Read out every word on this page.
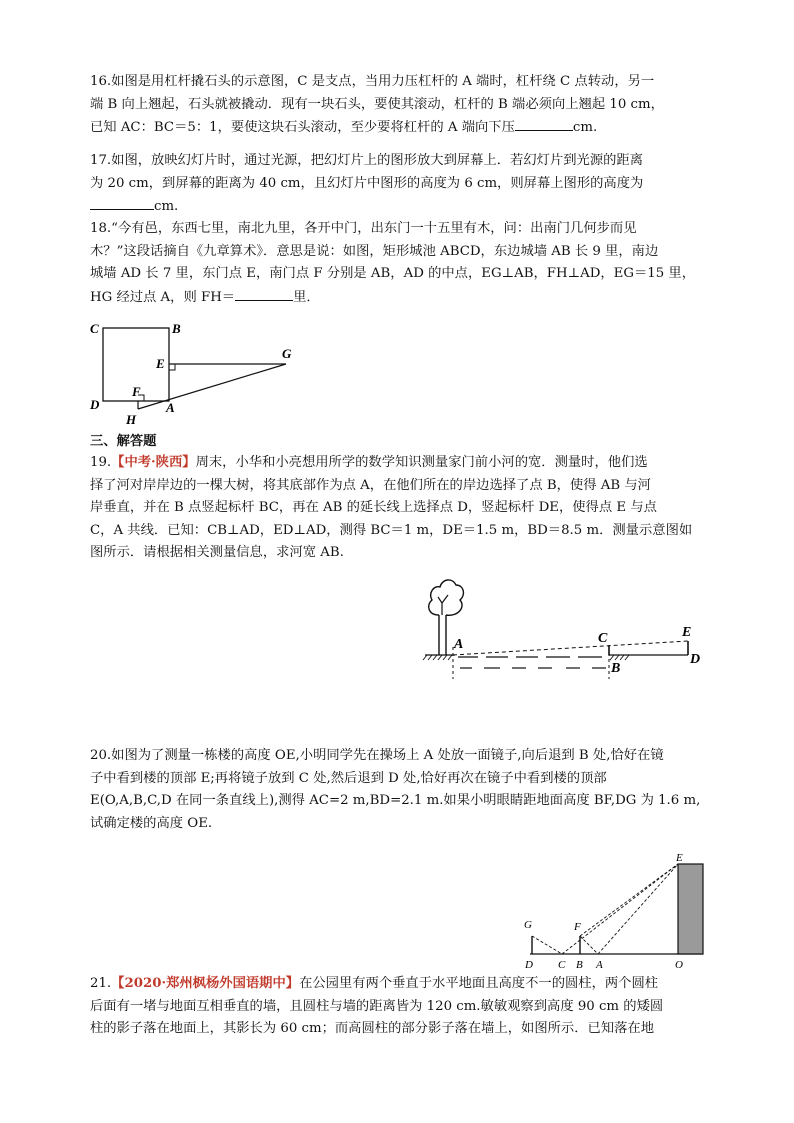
16.如图是用杠杆撬石头的示意图，C 是支点，当用力压杠杆的 A 端时，杠杆绕 C 点转动，另一
端 B 向上翘起，石头就被撬动．现有一块石头，要使其滚动，杠杆的 B 端必须向上翘起 10 cm，
已知 AC：BC＝5：1，要使这块石头滚动，至少要将杠杆的 A 端向下压	cm.
17.如图，放映幻灯片时，通过光源，把幻灯片上的图形放大到屏幕上．若幻灯片到光源的距离
为 20 cm，到屏幕的距离为 40 cm，且幻灯片中图形的高度为 6 cm，则屏幕上图形的高度为
cm.
18.“今有邑，东西七里，南北九里，各开中门，出东门一十五里有木，问：出南门几何步而见
木？”这段话摘自《九章算术》．意思是说：如图，矩形城池 ABCD，东边城墙 AB 长 9 里，南边
城墙 AD 长 7 里，东门点 E，南门点 F 分别是 AB，AD 的中点，EG⊥AB，FH⊥AD，EG＝15 里，
HG 经过点 A，则 FH＝	里．
C	B
E
G
D
F
A
H
三、解答题
19.【中考·陕西】周末，小华和小亮想用所学的数学知识测量家门前小河的宽．测量时，他们选
择了河对岸岸边的一棵大树，将其底部作为点 A，在他们所在的岸边选择了点 B，使得 AB 与河
岸垂直，并在 B 点竖起标杆 BC，再在 AB 的延长线上选择点 D，竖起标杆 DE，使得点 E 与点
C，A 共线．已知：CB⊥AD，ED⊥AD，测得 BC＝1 m，DE＝1.5 m，BD＝8.5 m．测量示意图如
图所示．请根据相关测量信息，求河宽 AB.
A	C	E
B
D
20.如图为了测量一栋楼的高度 OE,小明同学先在操场上 A 处放一面镜子,向后退到 B 处,恰好在镜
子中看到楼的顶部 E;再将镜子放到 C 处,然后退到 D 处,恰好再次在镜子中看到楼的顶部
E(O,A,B,C,D 在同一条直线上),测得 AC=2 m,BD=2.1 m.如果小明眼睛距地面高度 BF,DG 为 1.6 m,
试确定楼的高度 OE.
E
G	F
D C B A	O
21.【2020·郑州枫杨外国语期中】在公园里有两个垂直于水平地面且高度不一的圆柱，两个圆柱
后面有一堵与地面互相垂直的墙，且圆柱与墙的距离皆为 120 cm.敏敏观察到高度 90 cm 的矮圆
柱的影子落在地面上，其影长为 60 cm；而高圆柱的部分影子落在墙上，如图所示．已知落在地
